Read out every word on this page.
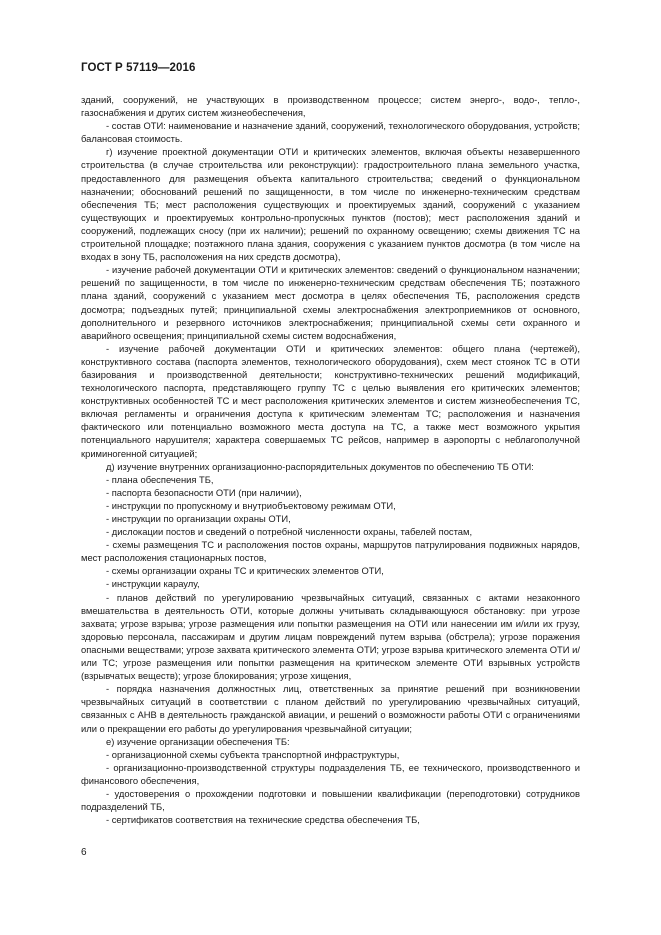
ГОСТ Р 57119—2016

зданий, сооружений, не участвующих в производственном процессе; систем энерго-, водо-, тепло-, газоснабжения и других систем жизнеобеспечения,

- состав ОТИ: наименование и назначение зданий, сооружений, технологического оборудования, устройств; балансовая стоимость.

г) изучение проектной документации ОТИ и критических элементов, включая объекты незавершенного строительства (в случае строительства или реконструкции): градостроительного плана земельного участка, предоставленного для размещения объекта капитального строительства; сведений о функциональном назначении; обоснований решений по защищенности, в том числе по инженерно-техническим средствам обеспечения ТБ; мест расположения существующих и проектируемых зданий, сооружений с указанием существующих и проектируемых контрольно-пропускных пунктов (постов); мест расположения зданий и сооружений, подлежащих сносу (при их наличии); решений по охранному освещению; схемы движения ТС на строительной площадке; поэтажного плана здания, сооружения с указанием пунктов досмотра (в том числе на входах в зону ТБ, расположения на них средств досмотра),

- изучение рабочей документации ОТИ и критических элементов: сведений о функциональном назначении; решений по защищенности, в том числе по инженерно-техническим средствам обеспечения ТБ; поэтажного плана зданий, сооружений с указанием мест досмотра в целях обеспечения ТБ, расположения средств досмотра; подъездных путей; принципиальной схемы электроснабжения электроприемников от основного, дополнительного и резервного источников электроснабжения; принципиальной схемы сети охранного и аварийного освещения; принципиальной схемы систем водоснабжения,

- изучение рабочей документации ОТИ и критических элементов: общего плана (чертежей), конструктивного состава (паспорта элементов, технологического оборудования), схем мест стоянок ТС в ОТИ базирования и производственной деятельности; конструктивно-технических решений модификаций, технологического паспорта, представляющего группу ТС с целью выявления его критических элементов; конструктивных особенностей ТС и мест расположения критических элементов и систем жизнеобеспечения ТС, включая регламенты и ограничения доступа к критическим элементам ТС; расположения и назначения фактического или потенциально возможного места доступа на ТС, а также мест возможного укрытия потенциального нарушителя; характера совершаемых ТС рейсов, например в аэропорты с неблагополучной криминогенной ситуацией;

д) изучение внутренних организационно-распорядительных документов по обеспечению ТБ ОТИ:

- плана обеспечения ТБ,

- паспорта безопасности ОТИ (при наличии),

- инструкции по пропускному и внутриобъектовому режимам ОТИ,

- инструкции по организации охраны ОТИ,

- дислокации постов и сведений о потребной численности охраны, табелей постам,

- схемы размещения ТС и расположения постов охраны, маршрутов патрулирования подвижных нарядов, мест расположения стационарных постов,

- схемы организации охраны ТС и критических элементов ОТИ,

- инструкции караулу,

- планов действий по урегулированию чрезвычайных ситуаций, связанных с актами незаконного вмешательства в деятельность ОТИ, которые должны учитывать складывающуюся обстановку: при угрозе захвата; угрозе взрыва; угрозе размещения или попытки размещения на ОТИ или нанесении им и/или их грузу, здоровью персонала, пассажирам и другим лицам повреждений путем взрыва (обстрела); угрозе поражения опасными веществами; угрозе захвата критического элемента ОТИ; угрозе взрыва критического элемента ОТИ и/или ТС; угрозе размещения или попытки размещения на критическом элементе ОТИ взрывных устройств (взрывчатых веществ); угрозе блокирования; угрозе хищения,

- порядка назначения должностных лиц, ответственных за принятие решений при возникновении чрезвычайных ситуаций в соответствии с планом действий по урегулированию чрезвычайных ситуаций, связанных с АНВ в деятельность гражданской авиации, и решений о возможности работы ОТИ с ограничениями или о прекращении его работы до урегулирования чрезвычайной ситуации;

е) изучение организации обеспечения ТБ:

- организационной схемы субъекта транспортной инфраструктуры,

- организационно-производственной структуры подразделения ТБ, ее технического, производственного и финансового обеспечения,

- удостоверения о прохождении подготовки и повышении квалификации (переподготовки) сотрудников подразделений ТБ,

- сертификатов соответствия на технические средства обеспечения ТБ,

6
